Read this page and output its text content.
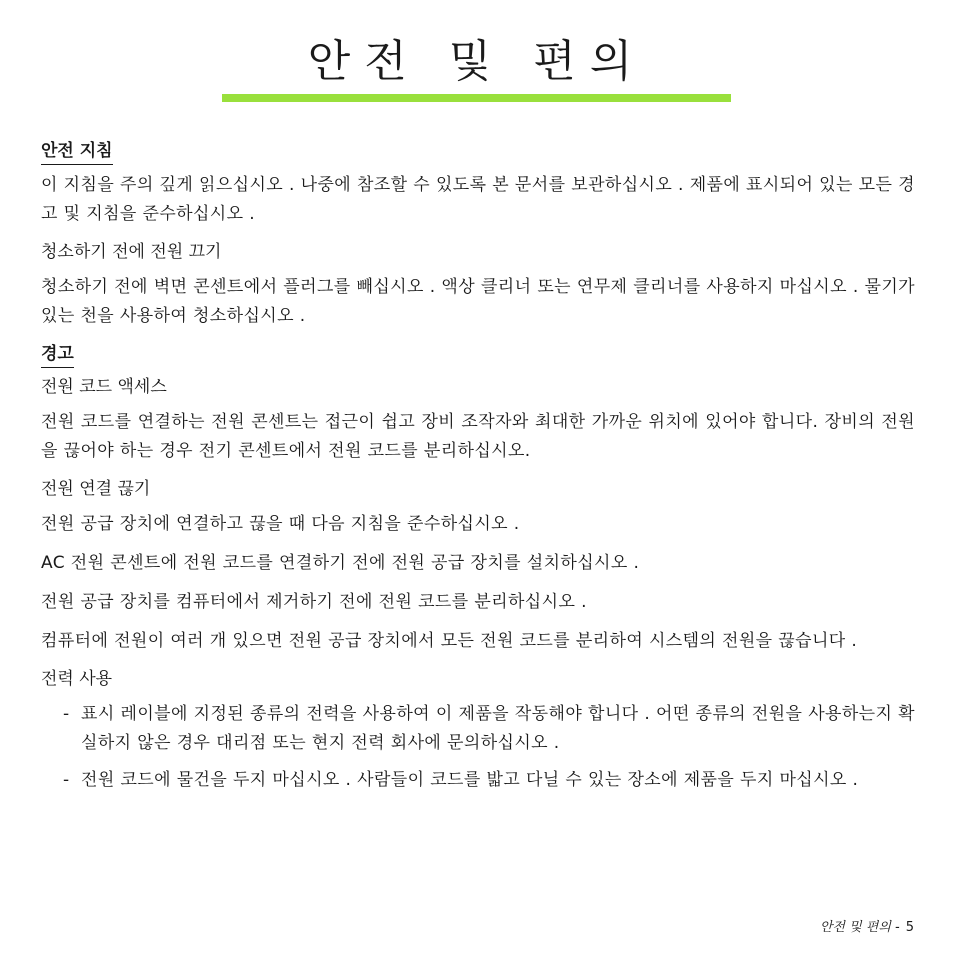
안전 및 편의
안전 지침

이 지침을 주의 깊게 읽으십시오 . 나중에 참조할 수 있도록 본 문서를 보관하십시오 . 제품에 표시되어 있는 모든 경고 및 지침을 준수하십시오 .

청소하기 전에 전원 끄기

청소하기 전에 벽면 콘센트에서 플러그를 빼십시오 . 액상 클리너 또는 연무제 클리너를 사용하지 마십시오 . 물기가 있는 천을 사용하여 청소하십시오 .

경고
전원 코드 액세스

전원 코드를 연결하는 전원 콘센트는 접근이 쉽고 장비 조작자와 최대한 가까운 위치에 있어야 합니다. 장비의 전원을 끊어야 하는 경우 전기 콘센트에서 전원 코드를 분리하십시오.

전원 연결 끊기

전원 공급 장치에 연결하고 끊을 때 다음 지침을 준수하십시오 .

AC 전원 콘센트에 전원 코드를 연결하기 전에 전원 공급 장치를 설치하십시오 .

전원 공급 장치를 컴퓨터에서 제거하기 전에 전원 코드를 분리하십시오 .

컴퓨터에 전원이 여러 개 있으면 전원 공급 장치에서 모든 전원 코드를 분리하여 시스템의 전원을 끊습니다 .

전력 사용
- 표시 레이블에 지정된 종류의 전력을 사용하여 이 제품을 작동해야 합니다 . 어떤 종류의 전원을 사용하는지 확실하지 않은 경우 대리점 또는 현지 전력 회사에 문의하십시오 .
- 전원 코드에 물건을 두지 마십시오 . 사람들이 코드를 밟고 다닐 수 있는 장소에 제품을 두지 마십시오 .
안전 및 편의 - 5
